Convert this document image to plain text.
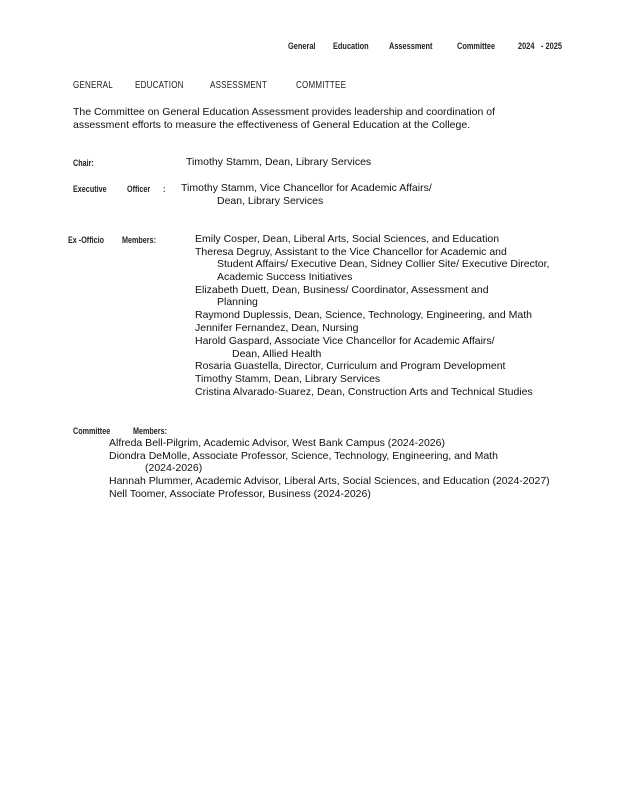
General Education Assessment	Committee	2024 - 2025
GENERAL EDUCATION	ASSESSMENT	COMMITTEE

The Committee on General Education Assessment provides leadership and coordination of assessment efforts to measure the effectiveness of General Education at the College.

Chair:	Timothy Stamm, Dean, Library Services
Executive Officer : Timothy Stamm, Vice Chancellor for Academic Affairs/
Dean, Library Services
Ex -Officio Members:	Emily Cosper, Dean, Liberal Arts, Social Sciences, and Education
Theresa Degruy, Assistant to the Vice Chancellor for Academic and
Student Affairs/ Executive Dean, Sidney Collier Site/ Executive Director,
Academic Success Initiatives
Elizabeth Duett, Dean, Business/ Coordinator, Assessment and
Planning
Raymond Duplessis, Dean, Science, Technology, Engineering, and Math
Jennifer Fernandez, Dean, Nursing
Harold Gaspard, Associate Vice Chancellor for Academic Affairs/
Dean, Allied Health
Rosaria Guastella, Director, Curriculum and Program Development
Timothy Stamm, Dean, Library Services
Cristina Alvarado-Suarez, Dean, Construction Arts and Technical Studies
Committee	Members:
Alfreda Bell-Pilgrim, Academic Advisor, West Bank Campus (2024-2026)
Diondra DeMolle, Associate Professor, Science, Technology, Engineering, and Math
(2024-2026)
Hannah Plummer, Academic Advisor, Liberal Arts, Social Sciences, and Education (2024-2027)
Nell Toomer, Associate Professor, Business (2024-2026)
